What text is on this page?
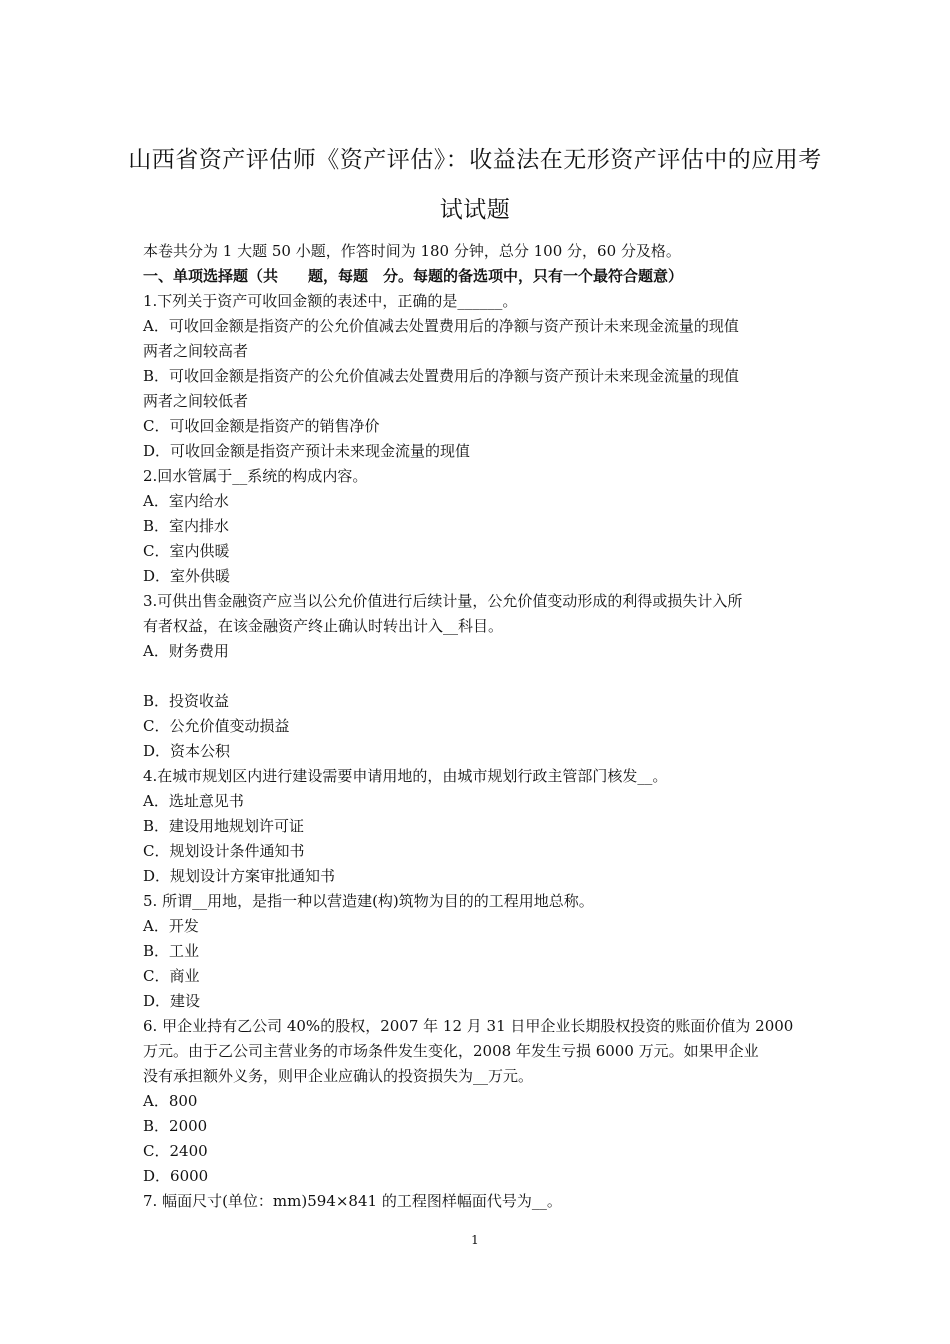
山西省资产评估师《资产评估》：收益法在无形资产评估中的应用考
试试题
本卷共分为 1 大题 50 小题，作答时间为 180 分钟，总分 100 分，60 分及格。
一、单项选择题（共　　题，每题　分。每题的备选项中，只有一个最符合题意）
1.下列关于资产可收回金额的表述中，正确的是______。
A．可收回金额是指资产的公允价值减去处置费用后的净额与资产预计未来现金流量的现值
两者之间较高者
B．可收回金额是指资产的公允价值减去处置费用后的净额与资产预计未来现金流量的现值
两者之间较低者
C．可收回金额是指资产的销售净价
D．可收回金额是指资产预计未来现金流量的现值
2.回水管属于__系统的构成内容。
A．室内给水
B．室内排水
C．室内供暖
D．室外供暖
3.可供出售金融资产应当以公允价值进行后续计量，公允价值变动形成的利得或损失计入所
有者权益，在该金融资产终止确认时转出计入__科目。
A．财务费用
B．投资收益
C．公允价值变动损益
D．资本公积
4.在城市规划区内进行建设需要申请用地的，由城市规划行政主管部门核发__。
A．选址意见书
B．建设用地规划许可证
C．规划设计条件通知书
D．规划设计方案审批通知书
5. 所谓__用地，是指一种以营造建(构)筑物为目的的工程用地总称。
A．开发
B．工业
C．商业
D．建设
6. 甲企业持有乙公司 40%的股权，2007 年 12 月 31 日甲企业长期股权投资的账面价值为 2000
万元。由于乙公司主营业务的市场条件发生变化，2008 年发生亏损 6000 万元。如果甲企业
没有承担额外义务，则甲企业应确认的投资损失为__万元。
A．800
B．2000
C．2400
D．6000
7. 幅面尺寸(单位：mm)594×841 的工程图样幅面代号为__。
1
